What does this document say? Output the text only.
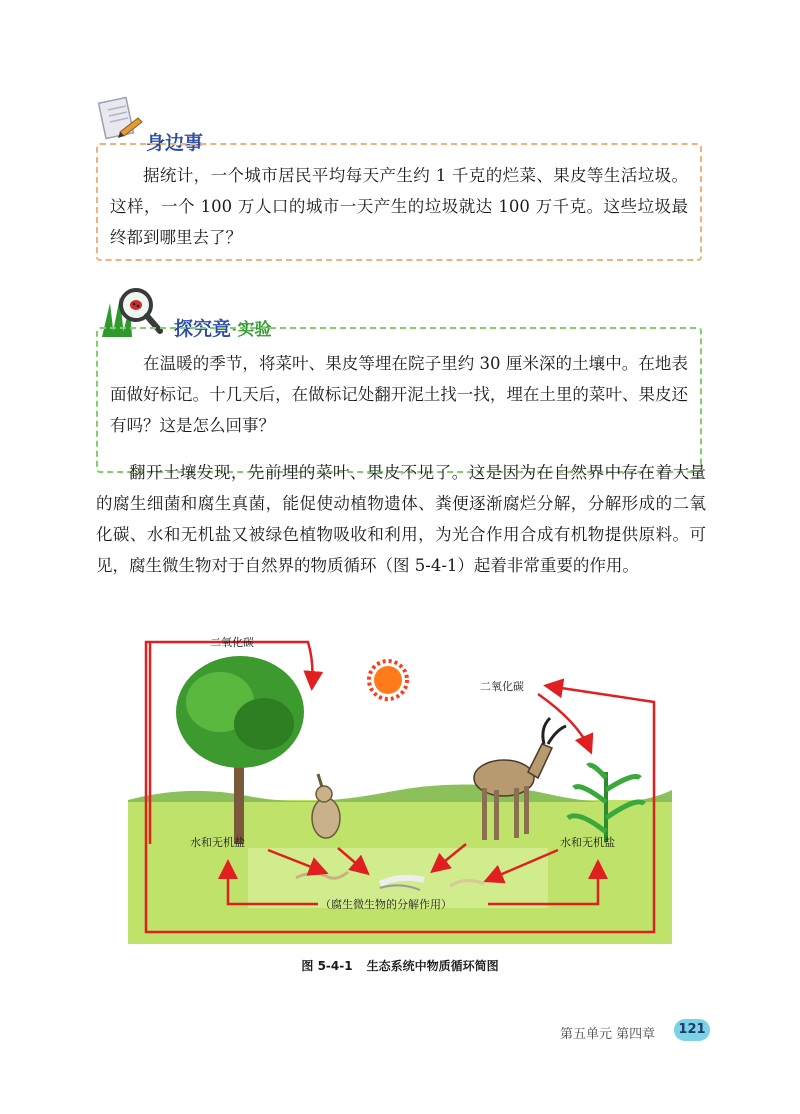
身边事
据统计，一个城市居民平均每天产生约 1 千克的烂菜、果皮等生活垃圾。这样，一个 100 万人口的城市一天产生的垃圾就达 100 万千克。这些垃圾最终都到哪里去了？
探究竟·实验
在温暖的季节，将菜叶、果皮等埋在院子里约 30 厘米深的土壤中。在地表面做好标记。十几天后，在做标记处翻开泥土找一找，埋在土里的菜叶、果皮还有吗？这是怎么回事？
翻开土壤发现，先前埋的菜叶、果皮不见了。这是因为在自然界中存在着大量的腐生细菌和腐生真菌，能促使动植物遗体、粪便逐渐腐烂分解，分解形成的二氧化碳、水和无机盐又被绿色植物吸收和利用，为光合作用合成有机物提供原料。可见，腐生微生物对于自然界的物质循环（图 5-4-1）起着非常重要的作用。
二氧化碳
二氧化碳
水和无机盐	水和无机盐
（腐生微生物的分解作用）
图 5-4-1 生态系统中物质循环简图
第五单元 第四章	121
